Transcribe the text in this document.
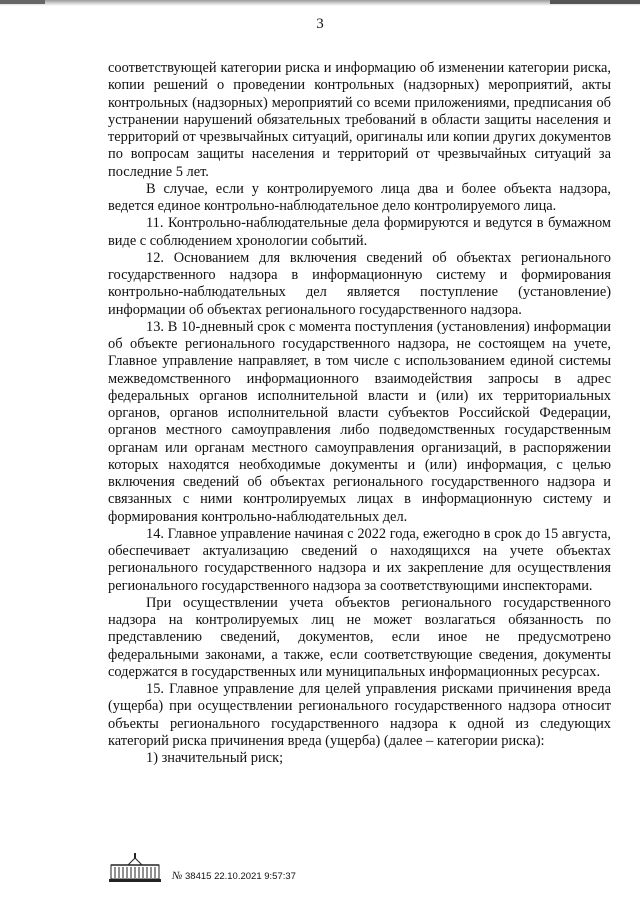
3

соответствующей категории риска и информацию об изменении категории риска, копии решений о проведении контрольных (надзорных) мероприятий, акты контрольных (надзорных) мероприятий со всеми приложениями, предписания об устранении нарушений обязательных требований в области защиты населения и территорий от чрезвычайных ситуаций, оригиналы или копии других документов по вопросам защиты населения и территорий от чрезвычайных ситуаций за последние 5 лет.

В случае, если у контролируемого лица два и более объекта надзора, ведется единое контрольно-наблюдательное дело контролируемого лица.

11. Контрольно-наблюдательные дела формируются и ведутся в бумажном виде с соблюдением хронологии событий.

12. Основанием для включения сведений об объектах регионального государственного надзора в информационную систему и формирования контрольно-наблюдательных дел является поступление (установление) информации об объектах регионального государственного надзора.

13. В 10-дневный срок с момента поступления (установления) информации об объекте регионального государственного надзора, не состоящем на учете, Главное управление направляет, в том числе с использованием единой системы межведомственного информационного взаимодействия запросы в адрес федеральных органов исполнительной власти и (или) их территориальных органов, органов исполнительной власти субъектов Российской Федерации, органов местного самоуправления либо подведомственных государственным органам или органам местного самоуправления организаций, в распоряжении которых находятся необходимые документы и (или) информация, с целью включения сведений об объектах регионального государственного надзора и связанных с ними контролируемых лицах в информационную систему и формирования контрольно-наблюдательных дел.

14. Главное управление начиная с 2022 года, ежегодно в срок до 15 августа, обеспечивает актуализацию сведений о находящихся на учете объектах регионального государственного надзора и их закрепление для осуществления регионального государственного надзора за соответствующими инспекторами.

При осуществлении учета объектов регионального государственного надзора на контролируемых лиц не может возлагаться обязанность по представлению сведений, документов, если иное не предусмотрено федеральными законами, а также, если соответствующие сведения, документы содержатся в государственных или муниципальных информационных ресурсах.

15. Главное управление для целей управления рисками причинения вреда (ущерба) при осуществлении регионального государственного надзора относит объекты регионального государственного надзора к одной из следующих категорий риска причинения вреда (ущерба) (далее – категории риска):

1) значительный риск;

№ 38415 22.10.2021 9:57:37
